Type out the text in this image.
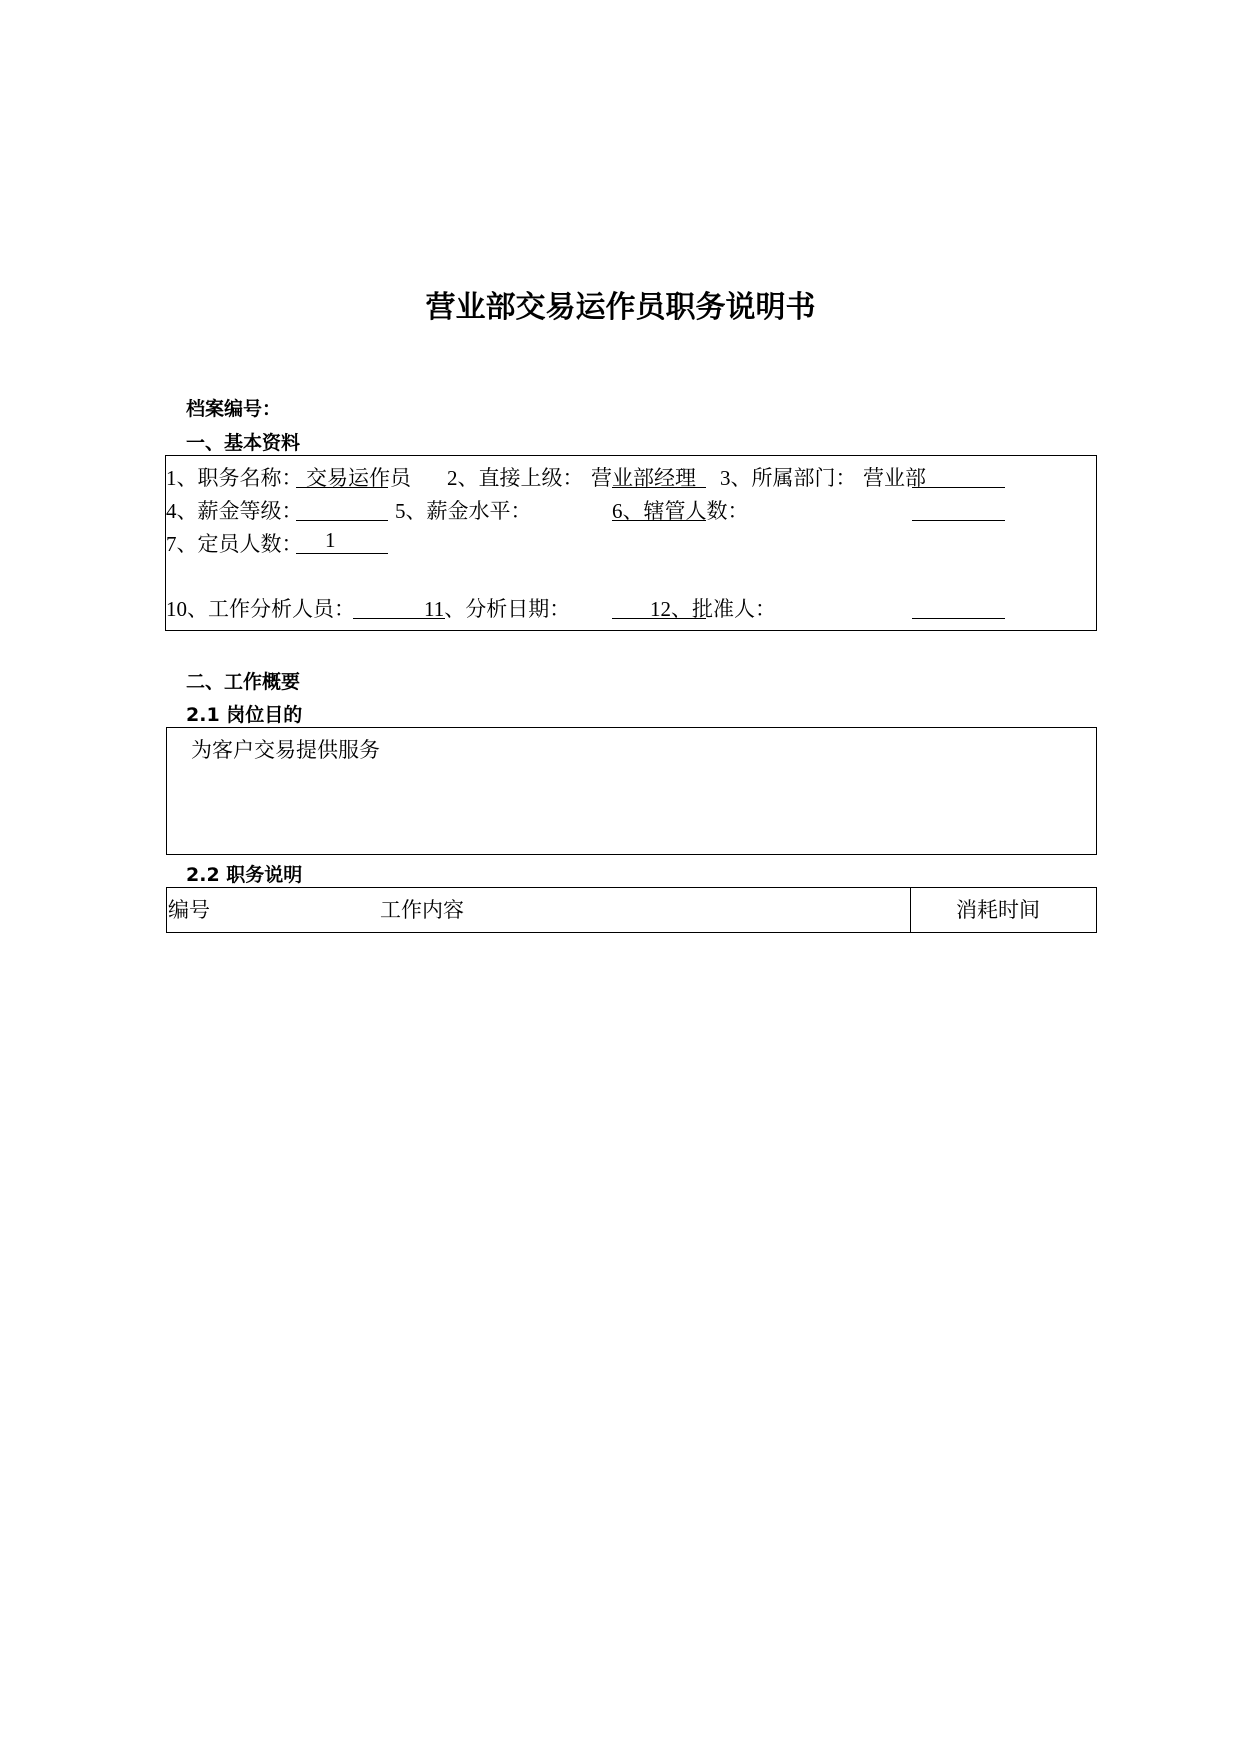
营业部交易运作员职务说明书
档案编号：
一、基本资料
1、职务名称： 交易运作员 2、直接上级： 营业部经理 3、所属部门： 营业部
4、薪金等级：	5、薪金水平：	6、辖管人数：
7、定员人数： 1
10、工作分析人员：	11、分析日期：	12、批准人：
二、工作概要
2.1 岗位目的
为客户交易提供服务
2.2 职务说明
编号	工作内容	消耗时间
